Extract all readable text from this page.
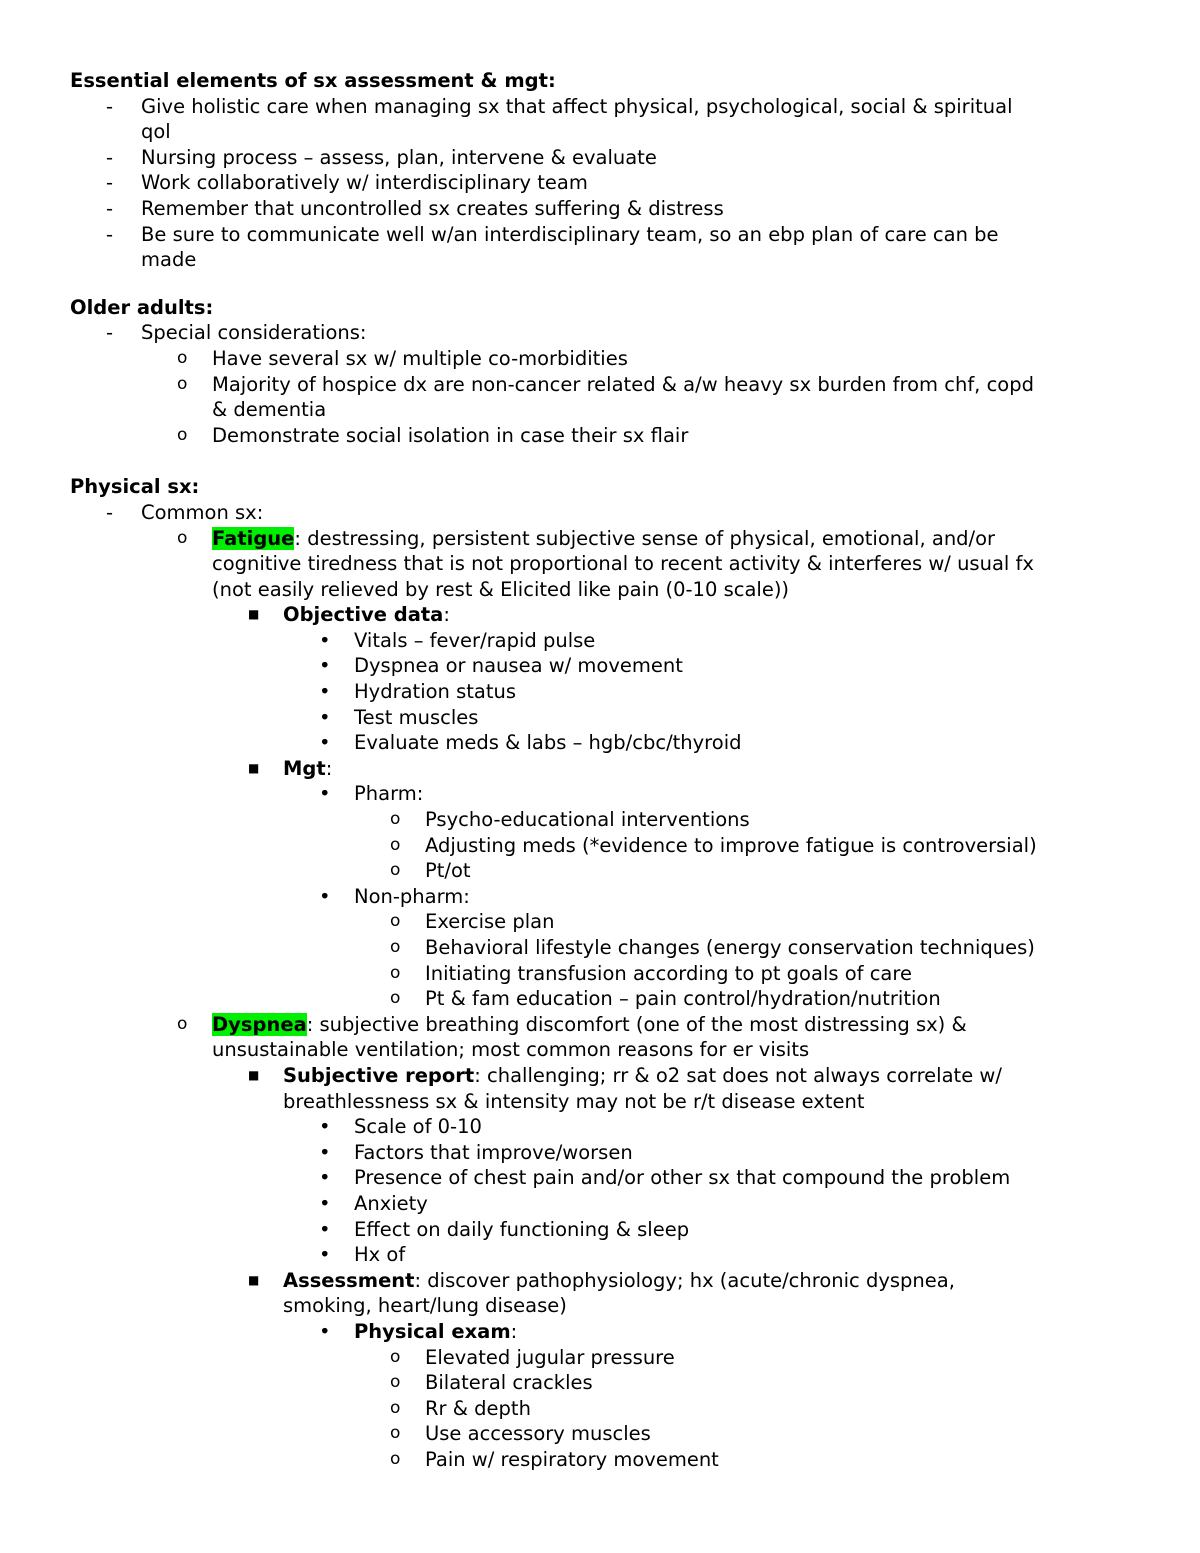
Essential elements of sx assessment & mgt:
- Give holistic care when managing sx that affect physical, psychological, social & spiritual
qol
- Nursing process – assess, plan, intervene & evaluate
- Work collaboratively w/ interdisciplinary team
- Remember that uncontrolled sx creates suffering & distress
- Be sure to communicate well w/an interdisciplinary team, so an ebp plan of care can be
made
Older adults:
- Special considerations:
o Have several sx w/ multiple co-morbidities
o Majority of hospice dx are non-cancer related & a/w heavy sx burden from chf, copd
& dementia
o Demonstrate social isolation in case their sx flair
Physical sx:
- Common sx:
o Fatigue: destressing, persistent subjective sense of physical, emotional, and/or
cognitive tiredness that is not proportional to recent activity & interferes w/ usual fx
(not easily relieved by rest & Elicited like pain (0-10 scale))
■ Objective data:
• Vitals – fever/rapid pulse
• Dyspnea or nausea w/ movement
• Hydration status
• Test muscles
• Evaluate meds & labs – hgb/cbc/thyroid
■ Mgt:
• Pharm:
o Psycho-educational interventions
o Adjusting meds (*evidence to improve fatigue is controversial)
o Pt/ot
• Non-pharm:
o Exercise plan
o Behavioral lifestyle changes (energy conservation techniques)
o Initiating transfusion according to pt goals of care
o Pt & fam education – pain control/hydration/nutrition
o Dyspnea: subjective breathing discomfort (one of the most distressing sx) &
unsustainable ventilation; most common reasons for er visits
■ Subjective report: challenging; rr & o2 sat does not always correlate w/
breathlessness sx & intensity may not be r/t disease extent
• Scale of 0-10
• Factors that improve/worsen
• Presence of chest pain and/or other sx that compound the problem
• Anxiety
• Effect on daily functioning & sleep
• Hx of
■ Assessment: discover pathophysiology; hx (acute/chronic dyspnea,
smoking, heart/lung disease)
• Physical exam:
o Elevated jugular pressure
o Bilateral crackles
o Rr & depth
o Use accessory muscles
o Pain w/ respiratory movement
